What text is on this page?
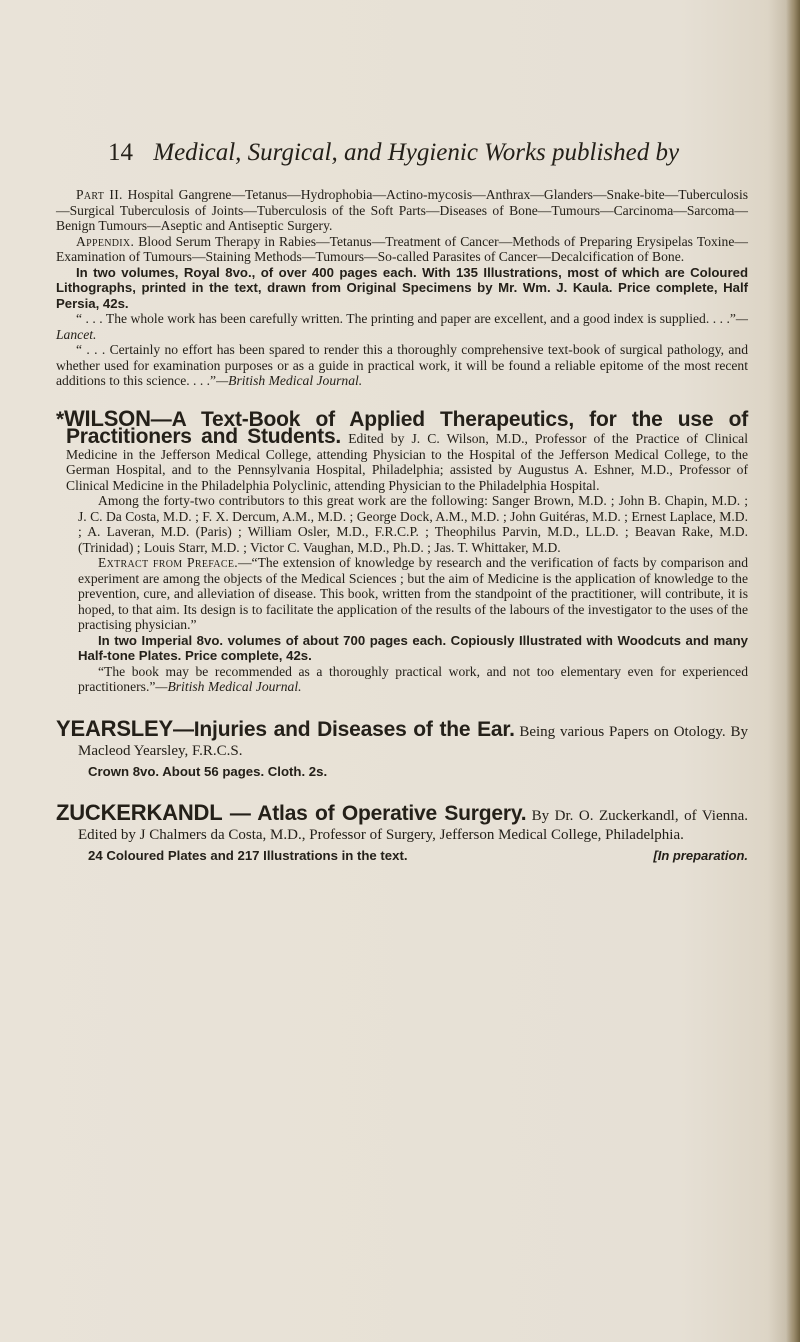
14 Medical, Surgical, and Hygienic Works published by

Part II. Hospital Gangrene—Tetanus—Hydrophobia—Actino-mycosis—Anthrax—Glanders—Snake-bite—Tuberculosis—Surgical Tuberculosis of Joints—Tuberculosis of the Soft Parts—Diseases of Bone—Tumours—Carcinoma—Sarcoma—Benign Tumours—Aseptic and Antiseptic Surgery.

Appendix. Blood Serum Therapy in Rabies—Tetanus—Treatment of Cancer—Methods of Preparing Erysipelas Toxine—Examination of Tumours—Staining Methods—Tumours—So-called Parasites of Cancer—Decalcification of Bone.

In two volumes, Royal 8vo., of over 400 pages each. With 135 Illustrations, most of which are Coloured Lithographs, printed in the text, drawn from Original Specimens by Mr. Wm. J. Kaula. Price complete, Half Persia, 42s.

“ . . . The whole work has been carefully written. The printing and paper are excellent, and a good index is supplied. . . .”—Lancet.

“ . . . Certainly no effort has been spared to render this a thoroughly comprehensive text-book of surgical pathology, and whether used for examination purposes or as a guide in practical work, it will be found a reliable epitome of the most recent additions to this science. . . .”—British Medical Journal.

*WILSON—A Text-Book of Applied Therapeutics, for the use of Practitioners and Students. Edited by J. C. Wilson, M.D., Professor of the Practice of Clinical Medicine in the Jefferson Medical College, attending Physician to the Hospital of the Jefferson Medical College, to the German Hospital, and to the Pennsylvania Hospital, Philadelphia; assisted by Augustus A. Eshner, M.D., Professor of Clinical Medicine in the Philadelphia Polyclinic, attending Physician to the Philadelphia Hospital.

Among the forty-two contributors to this great work are the following: Sanger Brown, M.D. ; John B. Chapin, M.D. ; J. C. Da Costa, M.D. ; F. X. Dercum, A.M., M.D. ; George Dock, A.M., M.D. ; John Guitéras, M.D. ; Ernest Laplace, M.D. ; A. Laveran, M.D. (Paris) ; William Osler, M.D., F.R.C.P. ; Theophilus Parvin, M.D., LL.D. ; Beavan Rake, M.D. (Trinidad) ; Louis Starr, M.D. ; Victor C. Vaughan, M.D., Ph.D. ; Jas. T. Whittaker, M.D.

Extract from Preface.—“The extension of knowledge by research and the verification of facts by comparison and experiment are among the objects of the Medical Sciences ; but the aim of Medicine is the application of knowledge to the prevention, cure, and alleviation of disease. This book, written from the standpoint of the practitioner, will contribute, it is hoped, to that aim. Its design is to facilitate the application of the results of the labours of the investigator to the uses of the practising physician.”

In two Imperial 8vo. volumes of about 700 pages each. Copiously Illustrated with Woodcuts and many Half-tone Plates. Price complete, 42s.

“The book may be recommended as a thoroughly practical work, and not too elementary even for experienced practitioners.”—British Medical Journal.

YEARSLEY—Injuries and Diseases of the Ear. Being various Papers on Otology. By Macleod Yearsley, F.R.C.S.

Crown 8vo. About 56 pages. Cloth. 2s.

ZUCKERKANDL — Atlas of Operative Surgery. By Dr. O. Zuckerkandl, of Vienna. Edited by J Chalmers da Costa, M.D., Professor of Surgery, Jefferson Medical College, Philadelphia.

24 Coloured Plates and 217 Illustrations in the text.	[In preparation.
